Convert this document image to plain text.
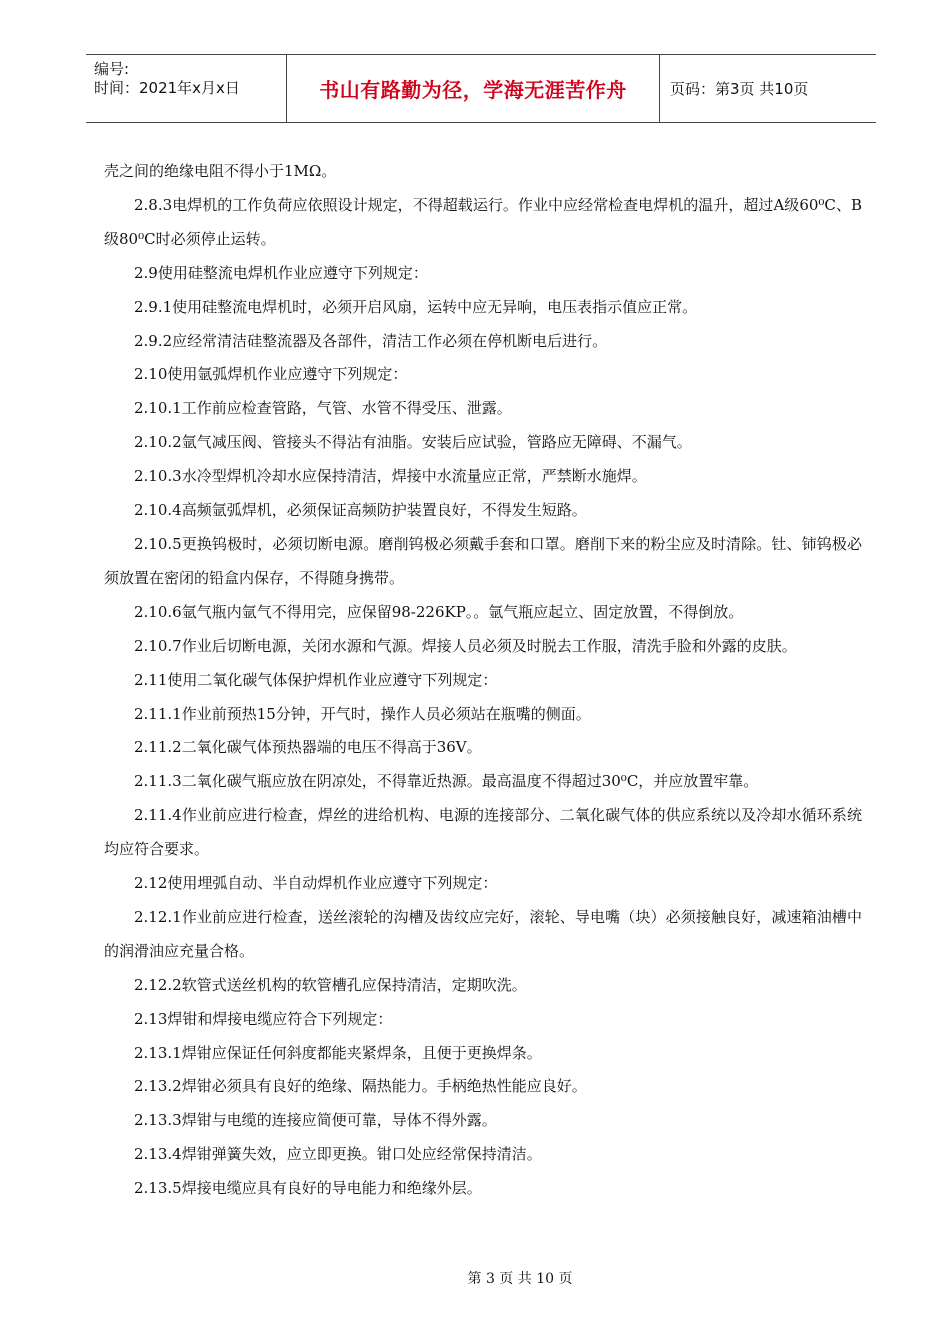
编号:
时间：2021年x月x日	书山有路勤为径，学海无涯苦作舟	页码：第3页 共10页

壳之间的绝缘电阻不得小于1MΩ。

2.8.3电焊机的工作负荷应依照设计规定，不得超载运行。作业中应经常检查电焊机的温升，超过A级60⁰C、B级80⁰C时必须停止运转。

2.9使用硅整流电焊机作业应遵守下列规定：

2.9.1使用硅整流电焊机时，必须开启风扇，运转中应无异响，电压表指示值应正常。

2.9.2应经常清洁硅整流器及各部件，清洁工作必须在停机断电后进行。

2.10使用氩弧焊机作业应遵守下列规定：

2.10.1工作前应检查管路，气管、水管不得受压、泄露。

2.10.2氩气减压阀、管接头不得沾有油脂。安装后应试验，管路应无障碍、不漏气。

2.10.3水冷型焊机冷却水应保持清洁，焊接中水流量应正常，严禁断水施焊。

2.10.4高频氩弧焊机，必须保证高频防护装置良好，不得发生短路。

2.10.5更换钨极时，必须切断电源。磨削钨极必须戴手套和口罩。磨削下来的粉尘应及时清除。钍、铈钨极必须放置在密闭的铅盒内保存，不得随身携带。

2.10.6氩气瓶内氩气不得用完，应保留98-226KP。。氩气瓶应起立、固定放置，不得倒放。

2.10.7作业后切断电源，关闭水源和气源。焊接人员必须及时脱去工作服，清洗手脸和外露的皮肤。

2.11使用二氧化碳气体保护焊机作业应遵守下列规定：

2.11.1作业前预热15分钟，开气时，操作人员必须站在瓶嘴的侧面。

2.11.2二氧化碳气体预热器端的电压不得高于36V。

2.11.3二氧化碳气瓶应放在阴凉处，不得靠近热源。最高温度不得超过30⁰C，并应放置牢靠。

2.11.4作业前应进行检查，焊丝的进给机构、电源的连接部分、二氧化碳气体的供应系统以及冷却水循环系统均应符合要求。

2.12使用埋弧自动、半自动焊机作业应遵守下列规定：

2.12.1作业前应进行检查，送丝滚轮的沟槽及齿纹应完好，滚轮、导电嘴（块）必须接触良好，减速箱油槽中的润滑油应充量合格。

2.12.2软管式送丝机构的软管槽孔应保持清洁，定期吹洗。

2.13焊钳和焊接电缆应符合下列规定：

2.13.1焊钳应保证任何斜度都能夹紧焊条，且便于更换焊条。

2.13.2焊钳必须具有良好的绝缘、隔热能力。手柄绝热性能应良好。

2.13.3焊钳与电缆的连接应简便可靠，导体不得外露。

2.13.4焊钳弹簧失效，应立即更换。钳口处应经常保持清洁。

2.13.5焊接电缆应具有良好的导电能力和绝缘外层。

第 3 页 共 10 页
